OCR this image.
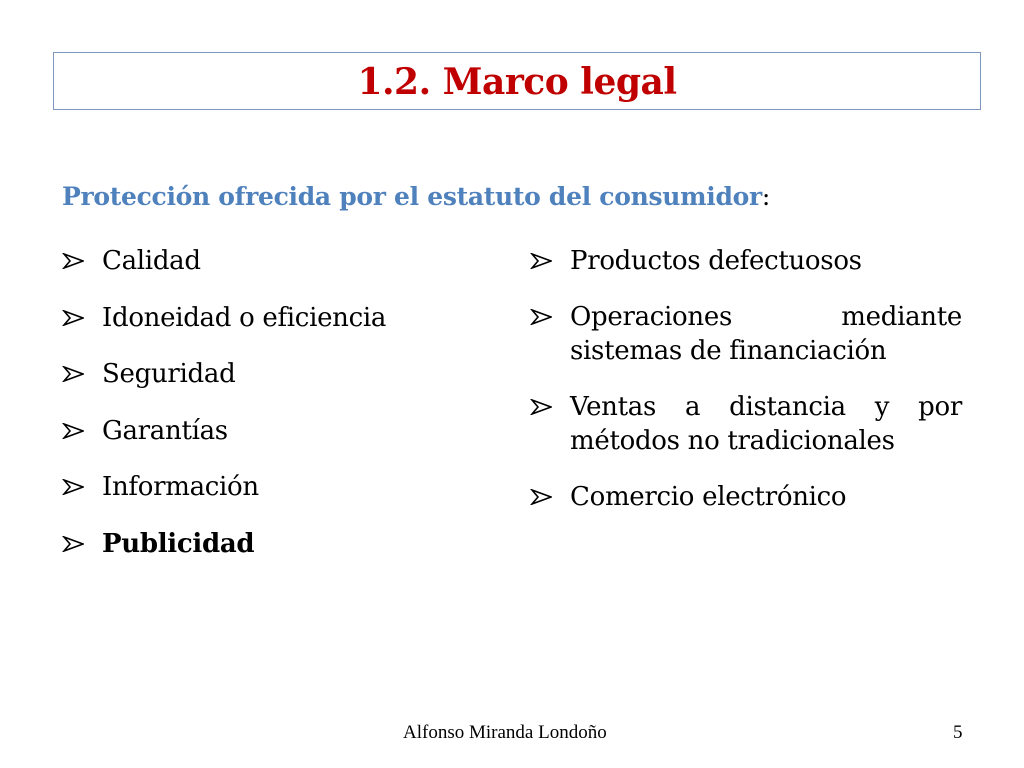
1.2. Marco legal
Protección ofrecida por el estatuto del consumidor:
Calidad
Idoneidad o eficiencia
Seguridad
Garantías
Información
Publicidad
Productos defectuosos
Operaciones mediante sistemas de financiación
Ventas a distancia y por métodos no tradicionales
Comercio electrónico
Alfonso Miranda Londoño	5
